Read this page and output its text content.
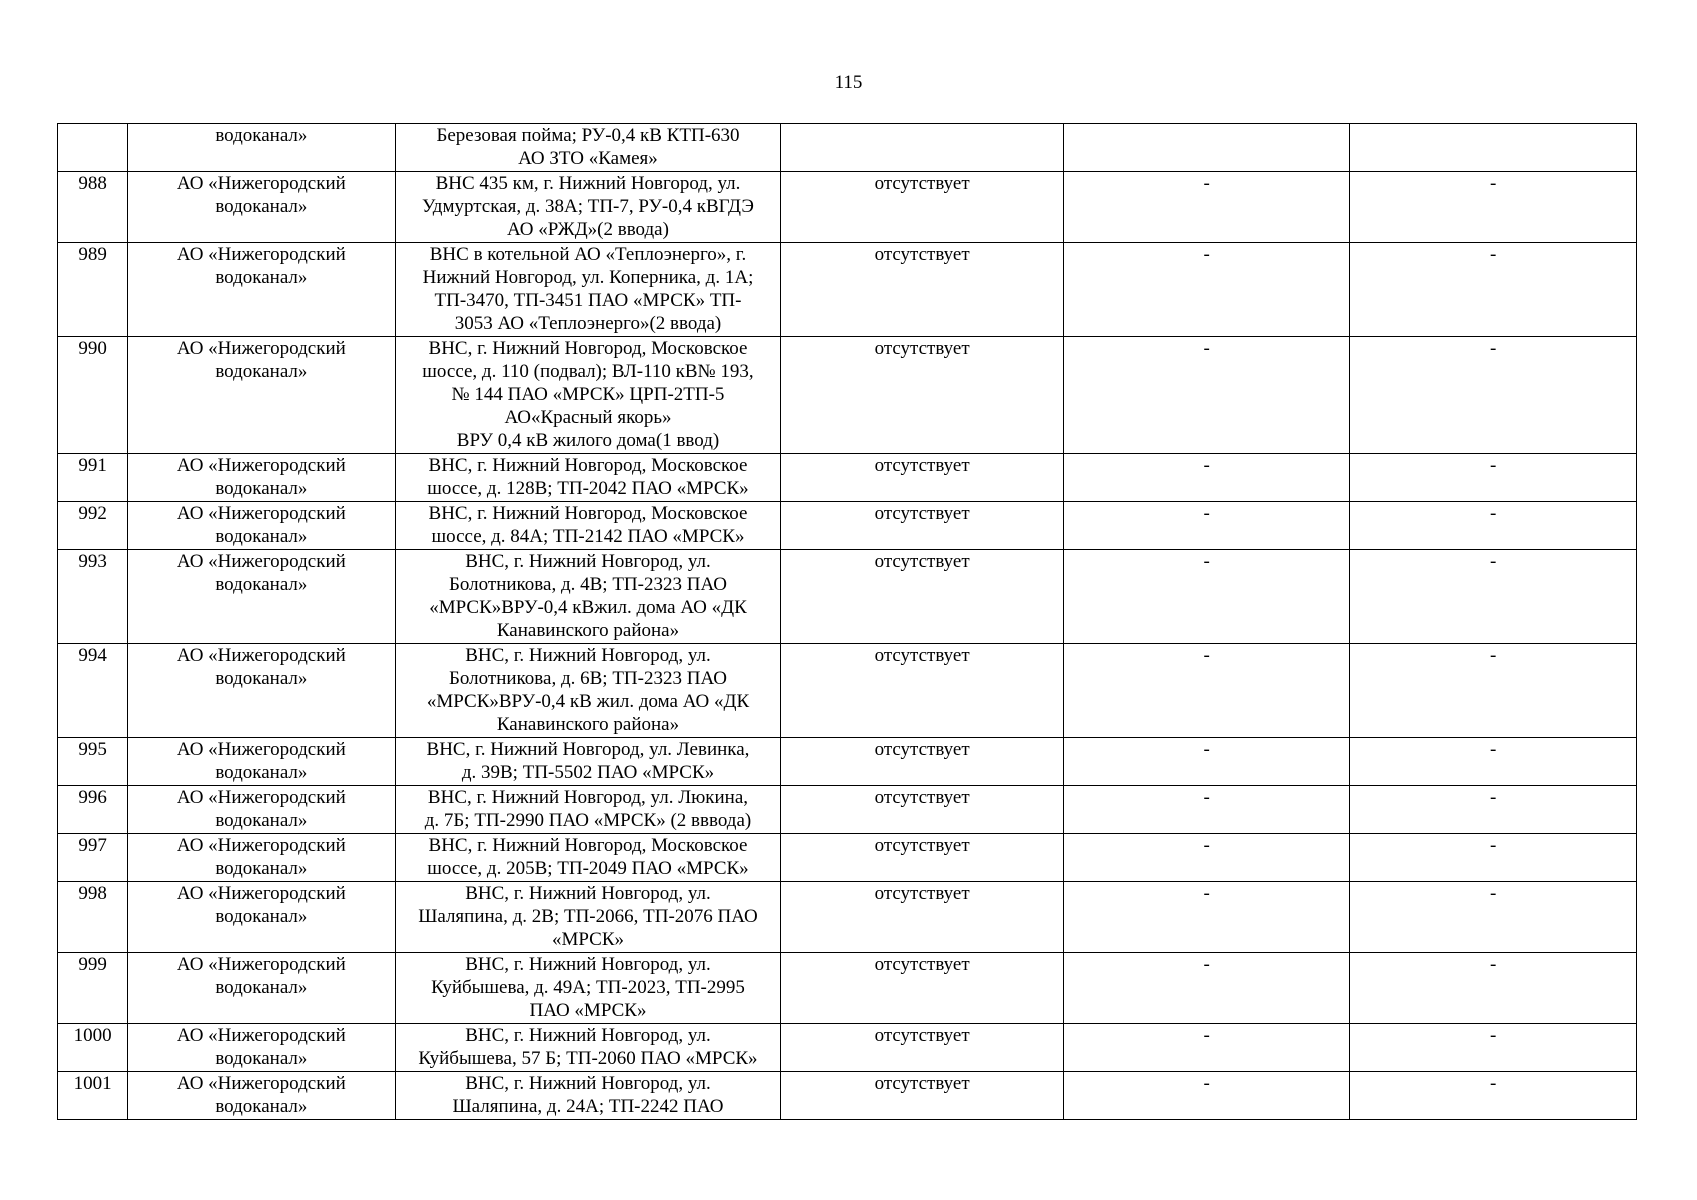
115

	водоканал»	Березовая пойма; РУ-0,4 кВ КТП-630
АО ЗТО «Камея»			

988	АО «Нижегородский
водоканал»	ВНС 435 км, г. Нижний Новгород, ул.
Удмуртская, д. 38А; ТП-7, РУ-0,4 кВГДЭ
АО «РЖД»(2 ввода)	отсутствует	-	-
989	АО «Нижегородский
водоканал»	ВНС в котельной АО «Теплоэнерго», г.
Нижний Новгород, ул. Коперника, д. 1А;
ТП-3470, ТП-3451 ПАО «МРСК» ТП-
3053 АО «Теплоэнерго»(2 ввода)	отсутствует	-	-
990	АО «Нижегородский
водоканал»	ВНС, г. Нижний Новгород, Московское
шоссе, д. 110 (подвал); ВЛ-110 кВ№ 193,
№ 144 ПАО «МРСК» ЦРП-2ТП-5
АО«Красный якорь»
ВРУ 0,4 кВ жилого дома(1 ввод)	отсутствует	-	-
991	АО «Нижегородский
водоканал»	ВНС, г. Нижний Новгород, Московское
шоссе, д. 128В; ТП-2042 ПАО «МРСК»	отсутствует	-	-
992	АО «Нижегородский
водоканал»	ВНС, г. Нижний Новгород, Московское
шоссе, д. 84А; ТП-2142 ПАО «МРСК»	отсутствует	-	-
993	АО «Нижегородский
водоканал»	ВНС, г. Нижний Новгород, ул.
Болотникова, д. 4В; ТП-2323 ПАО
«МРСК»ВРУ-0,4 кВжил. дома АО «ДК
Канавинского района»	отсутствует	-	-
994	АО «Нижегородский
водоканал»	ВНС, г. Нижний Новгород, ул.
Болотникова, д. 6В; ТП-2323 ПАО
«МРСК»ВРУ-0,4 кВ жил. дома АО «ДК
Канавинского района»	отсутствует	-	-
995	АО «Нижегородский
водоканал»	ВНС, г. Нижний Новгород, ул. Левинка,
д. 39В; ТП-5502 ПАО «МРСК»	отсутствует	-	-
996	АО «Нижегородский
водоканал»	ВНС, г. Нижний Новгород, ул. Люкина,
д. 7Б; ТП-2990 ПАО «МРСК» (2 вввода)	отсутствует	-	-
997	АО «Нижегородский
водоканал»	ВНС, г. Нижний Новгород, Московское
шоссе, д. 205В; ТП-2049 ПАО «МРСК»	отсутствует	-	-
998	АО «Нижегородский
водоканал»	ВНС, г. Нижний Новгород, ул.
Шаляпина, д. 2В; ТП-2066, ТП-2076 ПАО
«МРСК»	отсутствует	-	-
999	АО «Нижегородский
водоканал»	ВНС, г. Нижний Новгород, ул.
Куйбышева, д. 49А; ТП-2023, ТП-2995
ПАО «МРСК»	отсутствует	-	-
1000	АО «Нижегородский
водоканал»	ВНС, г. Нижний Новгород, ул.
Куйбышева, 57 Б; ТП-2060 ПАО «МРСК»	отсутствует	-	-
1001	АО «Нижегородский
водоканал»	ВНС, г. Нижний Новгород, ул.
Шаляпина, д. 24А; ТП-2242 ПАО	отсутствует	-	-
